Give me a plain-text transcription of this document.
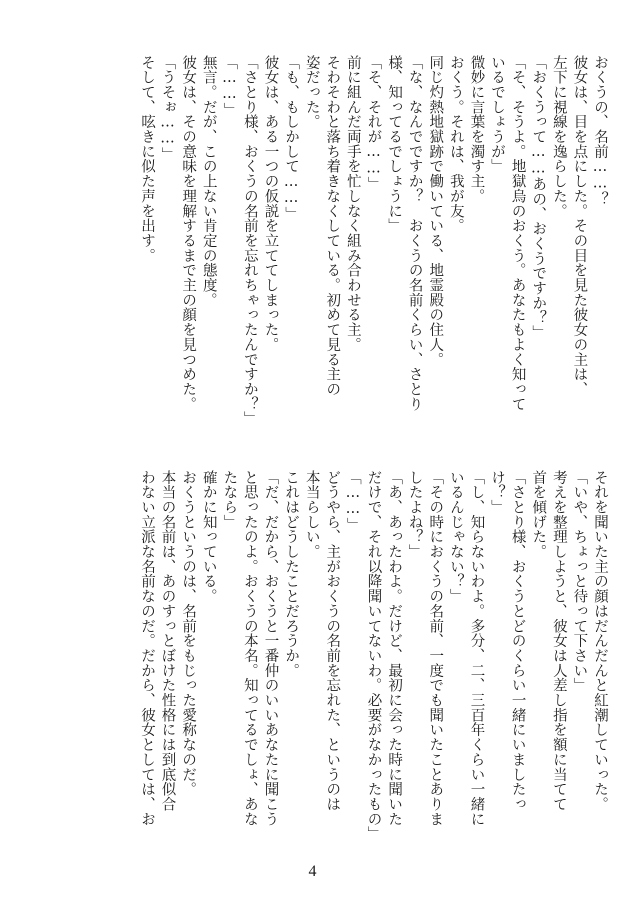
おくうの、名前……？
彼女は、目を点にした。その目を見た彼女の主は、
左下に視線を逸らした。
「おくうって……あの、おくうですか？」
「そ、そうよ。地獄烏のおくう。あなたもよく知って
いるでしょうが」
微妙に言葉を濁す主。
おくう。それは、我が友。
同じ灼熱地獄跡で働いている、地霊殿の住人。
「な、なんでですか？　おくうの名前くらい、さとり
様、知ってるでしょうに」
「そ、それが……」
前に組んだ両手を忙しなく組み合わせる主。
そわそわと落ち着きなくしている。初めて見る主の
姿だった。
「も、もしかして……」
彼女は、ある一つの仮説を立ててしまった。
「さとり様、おくうの名前を忘れちゃったんですか？」
「……」
無言。だが、この上ない肯定の態度。
彼女は、その意味を理解するまで主の顔を見つめた。
「うそぉ……」
そして、呟きに似た声を出す。
それを聞いた主の顔はだんだんと紅潮していった。
「いや、ちょっと待って下さい」
考えを整理しようと、彼女は人差し指を額に当てて
首を傾げた。
「さとり様、おくうとどのくらい一緒にいましたっ
け？」
「し、知らないわよ。多分、二、三百年くらい一緒に
いるんじゃない？」
「その時におくうの名前、一度でも聞いたことありま
したよね？」
「あ、あったわよ。だけど、最初に会った時に聞いた
だけで、それ以降聞いてないわ。必要がなかったもの」
「……」
どうやら、主がおくうの名前を忘れた、というのは
本当らしい。
これはどうしたことだろうか。
「だ、だから、おくうと一番仲のいいあなたに聞こう
と思ったのよ。おくうの本名。知ってるでしょ、あな
たなら」
確かに知っている。
おくうというのは、名前をもじった愛称なのだ。
本当の名前は、あのすっとぼけた性格には到底似合
わない立派な名前なのだ。だから、彼女としては、お
4
